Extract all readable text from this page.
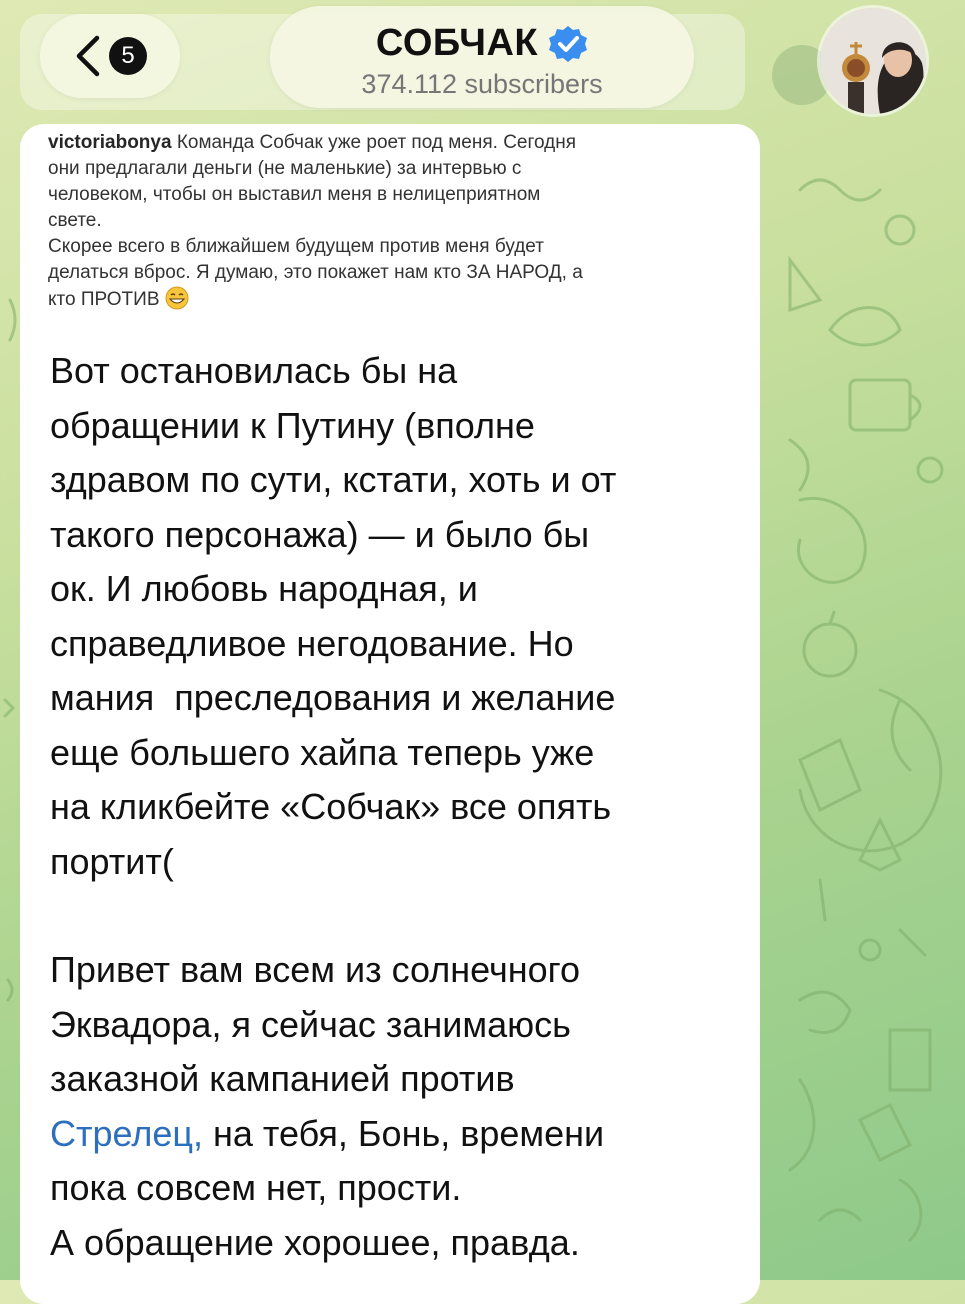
5	СОБЧАК
374.112 subscribers

victoriabonya Команда Собчак уже роет под меня. Сегодня
они предлагали деньги (не маленькие) за интервью с
человеком, чтобы он выставил меня в нелицеприятном
свете.
Скорее всего в ближайшем будущем против меня будет
делаться вброс. Я думаю, это покажет нам кто ЗА НАРОД, а
кто ПРОТИВ

Вот остановилась бы на
обращении к Путину (вполне
здравом по сути, кстати, хоть и от
такого персонажа) — и было бы
ок. И любовь народная, и
справедливое негодование. Но
мания  преследования и желание
еще большего хайпа теперь уже
на кликбейте «Собчак» все опять
портит(
Привет вам всем из солнечного
Эквадора, я сейчас занимаюсь
заказной кампанией против
Стрелец, на тебя, Бонь, времени
пока совсем нет, прости.
А обращение хорошее, правда.
